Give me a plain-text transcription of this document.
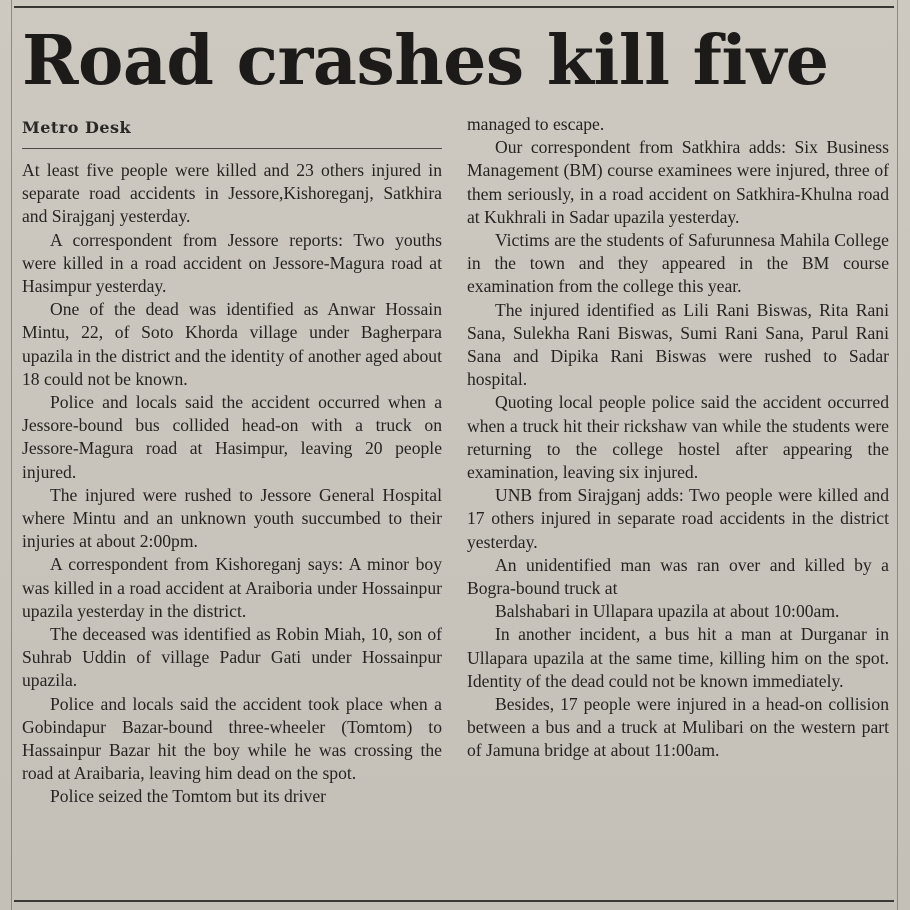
Road crashes kill five
Metro Desk

At least five people were killed and 23 others injured in separate road accidents in Jessore,Kishoreganj, Satkhira and Sirajganj yesterday.

A correspondent from Jessore reports: Two youths were killed in a road accident on Jessore-Magura road at Hasimpur yesterday.

One of the dead was identified as Anwar Hossain Mintu, 22, of Soto Khorda village under Bagherpara upazila in the district and the identity of another aged about 18 could not be known.

Police and locals said the accident occurred when a Jessore-bound bus collided head-on with a truck on Jessore-Magura road at Hasimpur, leaving 20 people injured.

The injured were rushed to Jessore General Hospital where Mintu and an unknown youth succumbed to their injuries at about 2:00pm.

A correspondent from Kishoreganj says: A minor boy was killed in a road accident at Araiboria under Hossainpur upazila yesterday in the district.

The deceased was identified as Robin Miah, 10, son of Suhrab Uddin of village Padur Gati under Hossainpur upazila.

Police and locals said the accident took place when a Gobindapur Bazar-bound three-wheeler (Tomtom) to Hassainpur Bazar hit the boy while he was crossing the road at Araibaria, leaving him dead on the spot.

Police seized the Tomtom but its driver

managed to escape.

Our correspondent from Satkhira adds: Six Business Management (BM) course examinees were injured, three of them seriously, in a road accident on Satkhira-Khulna road at Kukhrali in Sadar upazila yesterday.

Victims are the students of Safurunnesa Mahila College in the town and they appeared in the BM course examination from the college this year.

The injured identified as Lili Rani Biswas, Rita Rani Sana, Sulekha Rani Biswas, Sumi Rani Sana, Parul Rani Sana and Dipika Rani Biswas were rushed to Sadar hospital.

Quoting local people police said the accident occurred when a truck hit their rickshaw van while the students were returning to the college hostel after appearing the examination, leaving six injured.

UNB from Sirajganj adds: Two people were killed and 17 others injured in separate road accidents in the district yesterday.

An unidentified man was ran over and killed by a Bogra-bound truck at

Balshabari in Ullapara upazila at about 10:00am.

In another incident, a bus hit a man at Durganar in Ullapara upazila at the same time, killing him on the spot. Identity of the dead could not be known immediately.

Besides, 17 people were injured in a head-on collision between a bus and a truck at Mulibari on the western part of Jamuna bridge at about 11:00am.
